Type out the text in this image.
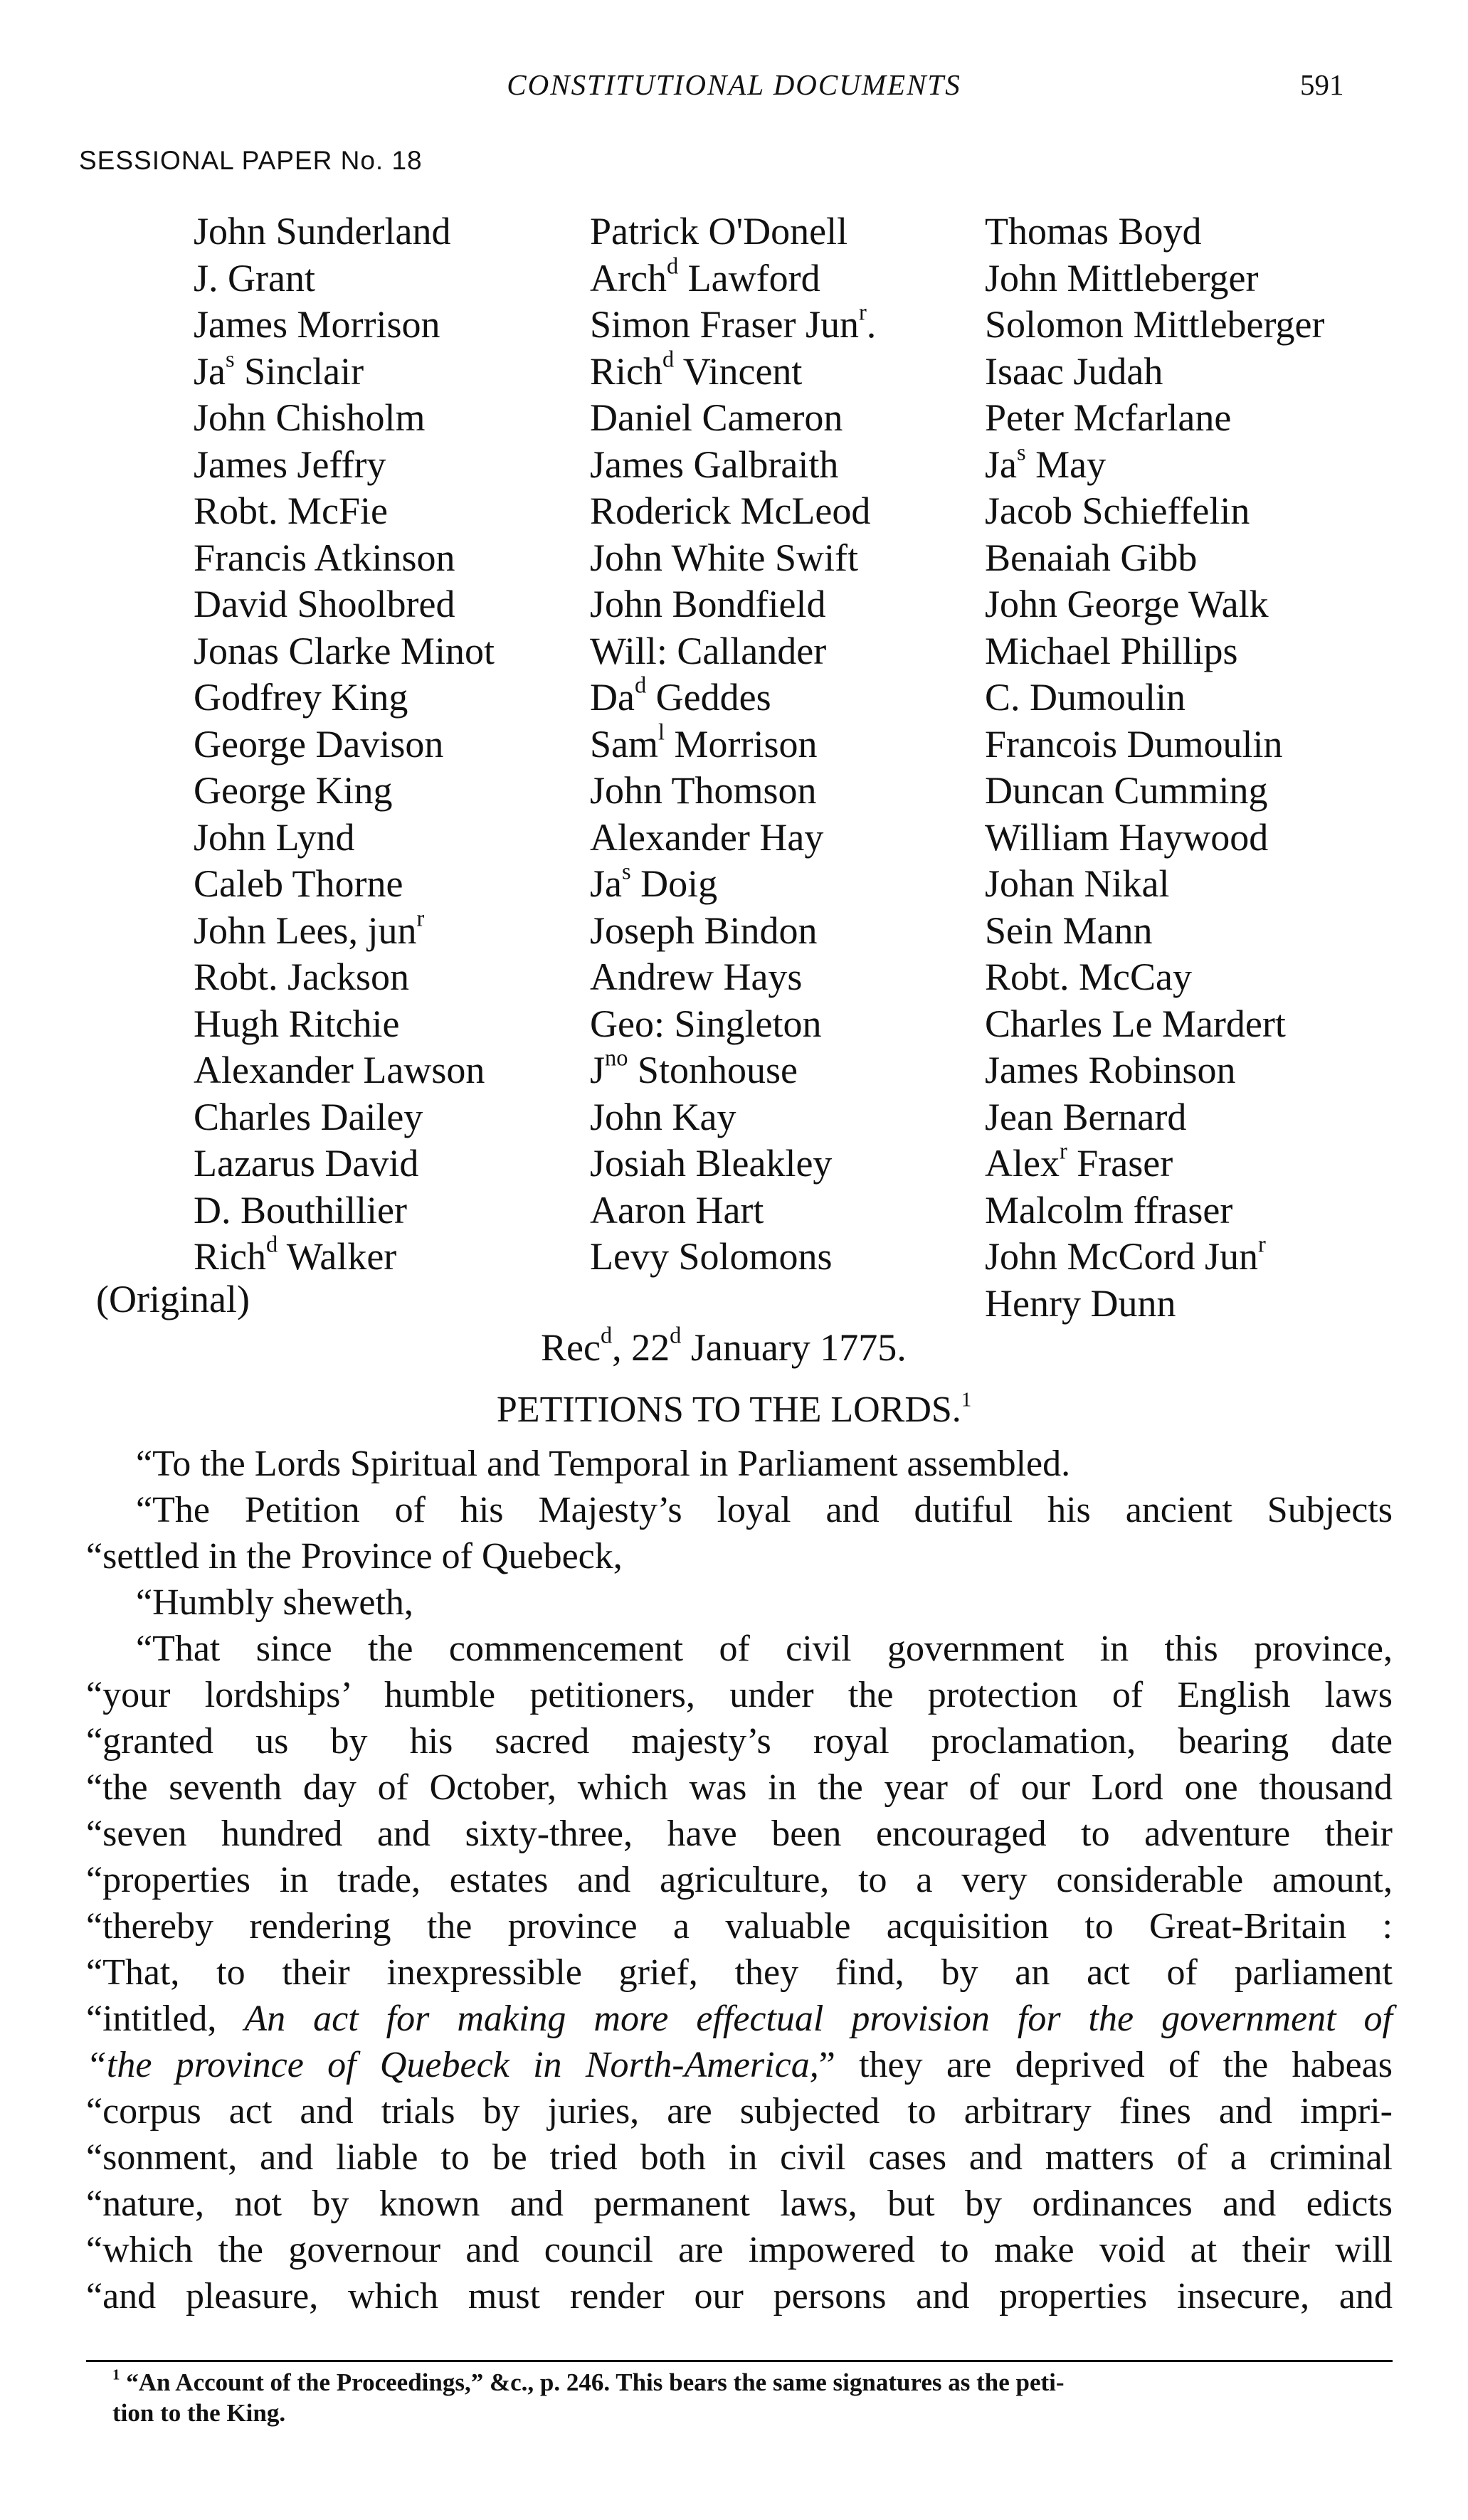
CONSTITUTIONAL DOCUMENTS	591
SESSIONAL PAPER No. 18
John Sunderland
J. Grant
James Morrison
Ja$^s$ Sinclair
John Chisholm
James Jeffry
Robt. McFie
Francis Atkinson
David Shoolbred
Jonas Clarke Minot
Godfrey King
George Davison
George King
John Lynd
Caleb Thorne
John Lees, jun$^r$
Robt. Jackson
Hugh Ritchie
Alexander Lawson
Charles Dailey
Lazarus David
D. Bouthillier
Rich$^d$ Walker
Patrick O'Donell
Arch$^d$ Lawford
Simon Fraser Jun$^r$.
Rich$^d$ Vincent
Daniel Cameron
James Galbraith
Roderick McLeod
John White Swift
John Bondfield
Will: Callander
Da$^d$ Geddes
Sam$^l$ Morrison
John Thomson
Alexander Hay
Ja$^s$ Doig
Joseph Bindon
Andrew Hays
Geo: Singleton
$J^{no}$ Stonhouse
John Kay
Josiah Bleakley
Aaron Hart
Levy Solomons
Thomas Boyd
John Mittleberger
Solomon Mittleberger
Isaac Judah
Peter Mcfarlane
Ja$^s$ May
Jacob Schieffelin
Benaiah Gibb
John George Walk
Michael Phillips
C. Dumoulin
Francois Dumoulin
Duncan Cumming
William Haywood
Johan Nikal
Sein Mann
Robt. McCay
Charles Le Mardert
James Robinson
Jean Bernard
Alex$^r$ Fraser
Malcolm ffraser
John McCord Jun$^r$
Henry Dunn
(Original)
Rec$^d$, 22$^d$ January 1775.
PETITIONS TO THE LORDS.$^1$

“To the Lords Spiritual and Temporal in Parliament assembled.

“The Petition of his Majesty’s loyal and dutiful his ancient Subjects

“settled in the Province of Quebeck,

“Humbly sheweth,

“That since the commencement of civil government in this province,

“your lordships’ humble petitioners, under the protection of English laws

“granted us by his sacred majesty’s royal proclamation, bearing date

“the seventh day of October, which was in the year of our Lord one thousand

“seven hundred and sixty-three, have been encouraged to adventure their

“properties in trade, estates and agriculture, to a very considerable amount,

“thereby rendering the province a valuable acquisition to Great-Britain :

“That, to their inexpressible grief, they find, by an act of parliament

“intitled, An act for making more effectual provision for the government of

“the province of Quebeck in North-America,” they are deprived of the habeas

“corpus act and trials by juries, are subjected to arbitrary fines and impri-

“sonment, and liable to be tried both in civil cases and matters of a criminal

“nature, not by known and permanent laws, but by ordinances and edicts

“which the governour and council are impowered to make void at their will

“and pleasure, which must render our persons and properties insecure, and

$^1$ “An Account of the Proceedings,” &c., p. 246. This bears the same signatures as the peti-
tion to the King.
